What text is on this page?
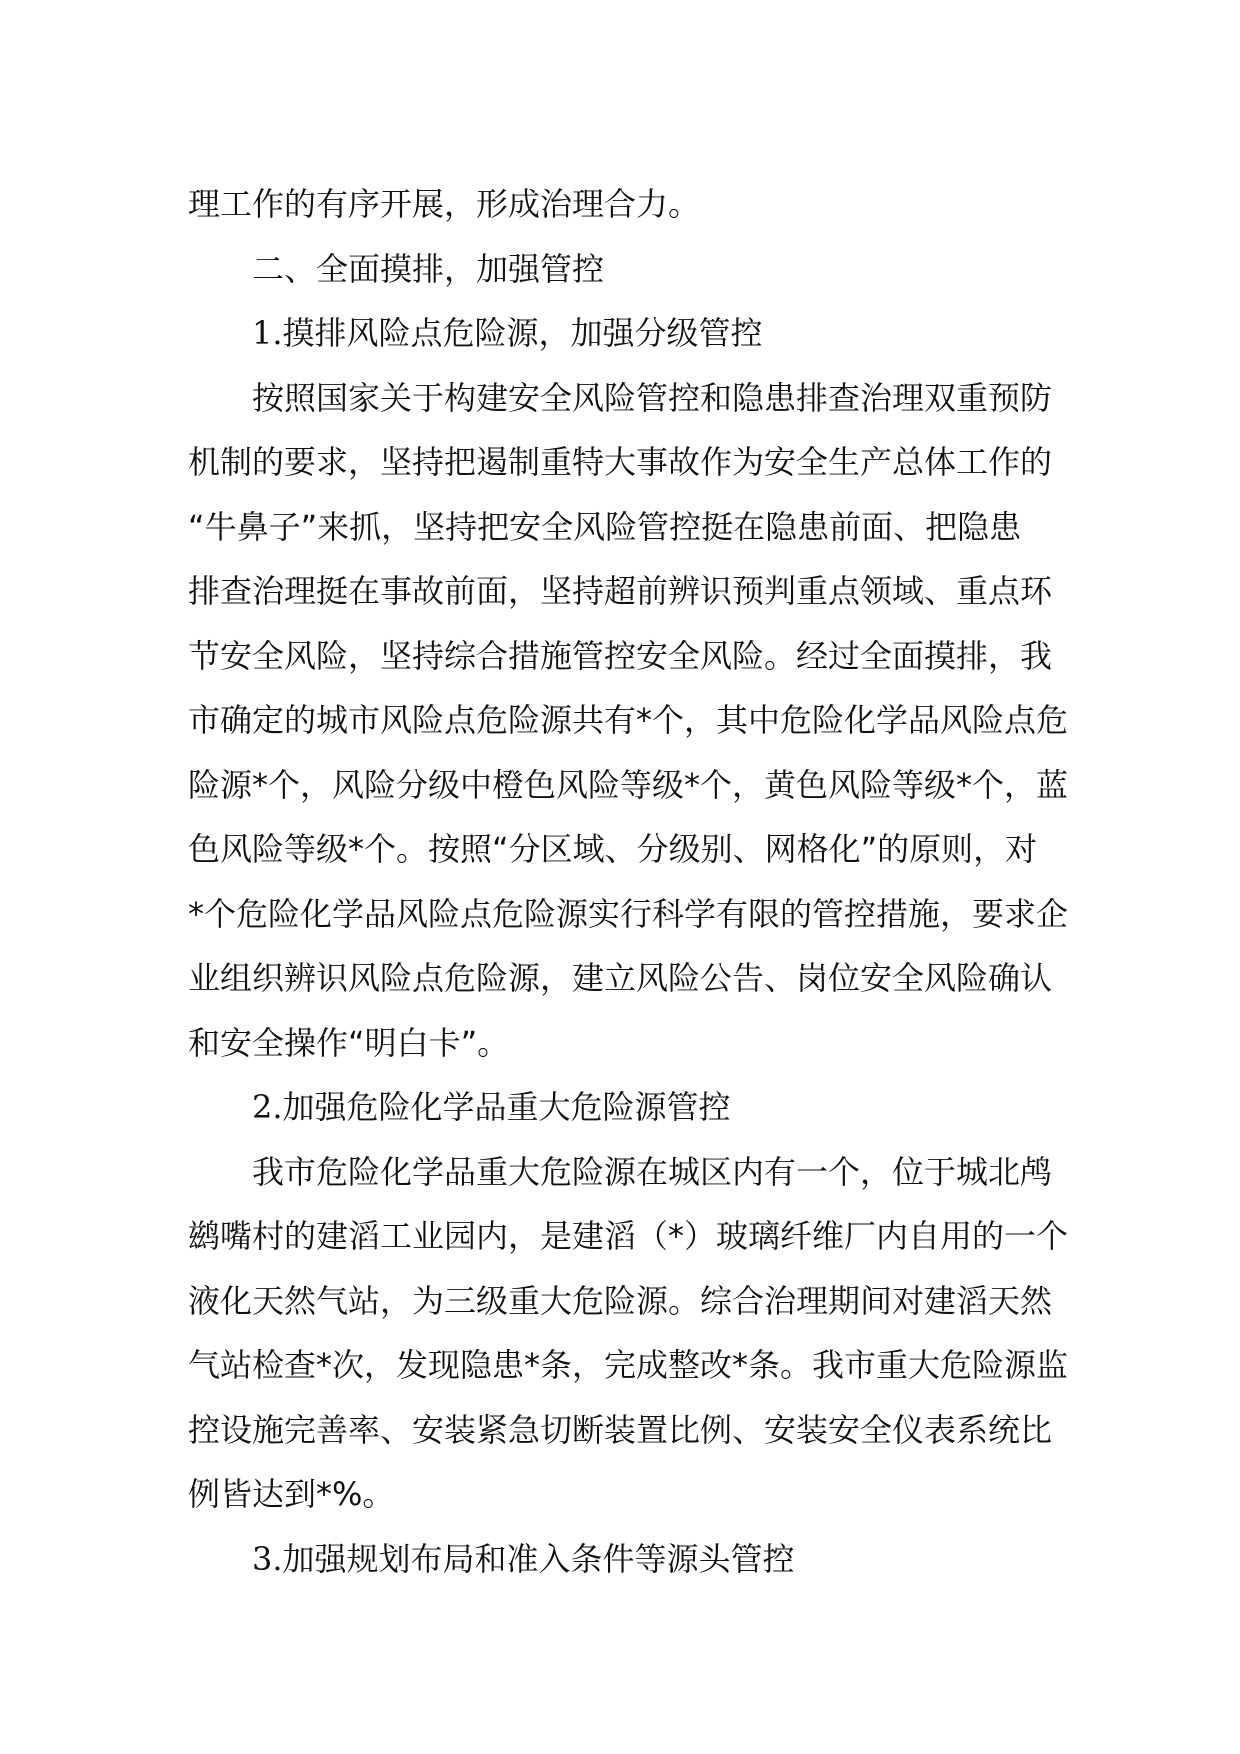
理工作的有序开展，形成治理合力。

二、全面摸排，加强管控

1.摸排风险点危险源，加强分级管控

按照国家关于构建安全风险管控和隐患排查治理双重预防

机制的要求，坚持把遏制重特大事故作为安全生产总体工作的

“牛鼻子”来抓，坚持把安全风险管控挺在隐患前面、把隐患

排查治理挺在事故前面，坚持超前辨识预判重点领域、重点环

节安全风险，坚持综合措施管控安全风险。经过全面摸排，我

市确定的城市风险点危险源共有*个，其中危险化学品风险点危

险源*个，风险分级中橙色风险等级*个，黄色风险等级*个，蓝

色风险等级*个。按照“分区域、分级别、网格化”的原则，对

*个危险化学品风险点危险源实行科学有限的管控措施，要求企

业组织辨识风险点危险源，建立风险公告、岗位安全风险确认

和安全操作“明白卡”。

2.加强危险化学品重大危险源管控

我市危险化学品重大危险源在城区内有一个，位于城北鸬

鹚嘴村的建滔工业园内，是建滔（*）玻璃纤维厂内自用的一个

液化天然气站，为三级重大危险源。综合治理期间对建滔天然

气站检查*次，发现隐患*条，完成整改*条。我市重大危险源监

控设施完善率、安装紧急切断装置比例、安装安全仪表系统比

例皆达到*%。

3.加强规划布局和准入条件等源头管控
